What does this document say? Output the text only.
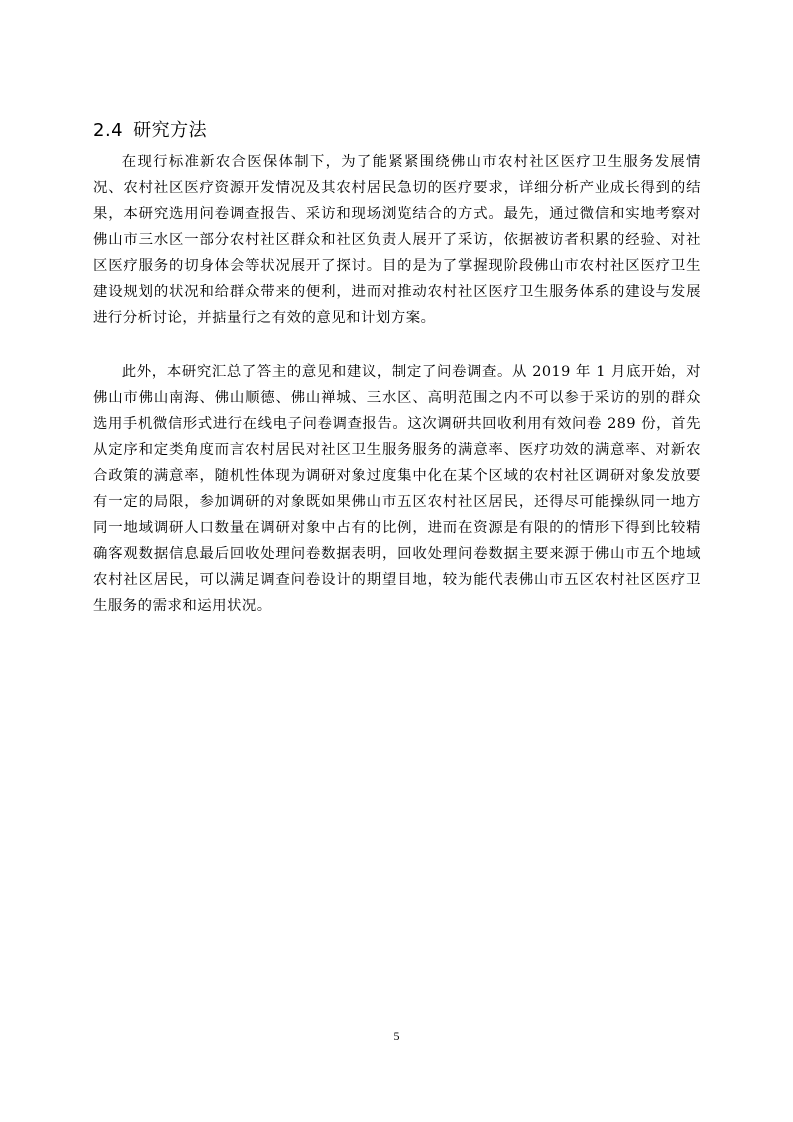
2.4 研究方法

在现行标准新农合医保体制下，为了能紧紧围绕佛山市农村社区医疗卫生服务发展情况、农村社区医疗资源开发情况及其农村居民急切的医疗要求，详细分析产业成长得到的结果，本研究选用问卷调查报告、采访和现场浏览结合的方式。最先，通过微信和实地考察对佛山市三水区一部分农村社区群众和社区负责人展开了采访，依据被访者积累的经验、对社区医疗服务的切身体会等状况展开了探讨。目的是为了掌握现阶段佛山市农村社区医疗卫生建设规划的状况和给群众带来的便利，进而对推动农村社区医疗卫生服务体系的建设与发展进行分析讨论，并掂量行之有效的意见和计划方案。

此外，本研究汇总了答主的意见和建议，制定了问卷调查。从 2019 年 1 月底开始，对佛山市佛山南海、佛山顺德、佛山禅城、三水区、高明范围之内不可以参于采访的别的群众选用手机微信形式进行在线电子问卷调查报告。这次调研共回收利用有效问卷 289 份，首先从定序和定类角度而言农村居民对社区卫生服务服务的满意率、医疗功效的满意率、对新农合政策的满意率，随机性体现为调研对象过度集中化在某个区域的农村社区调研对象发放要有一定的局限，参加调研的对象既如果佛山市五区农村社区居民，还得尽可能操纵同一地方同一地域调研人口数量在调研对象中占有的比例，进而在资源是有限的的情形下得到比较精确客观数据信息最后回收处理问卷数据表明，回收处理问卷数据主要来源于佛山市五个地域农村社区居民，可以满足调查问卷设计的期望目地，较为能代表佛山市五区农村社区医疗卫生服务的需求和运用状况。

5
